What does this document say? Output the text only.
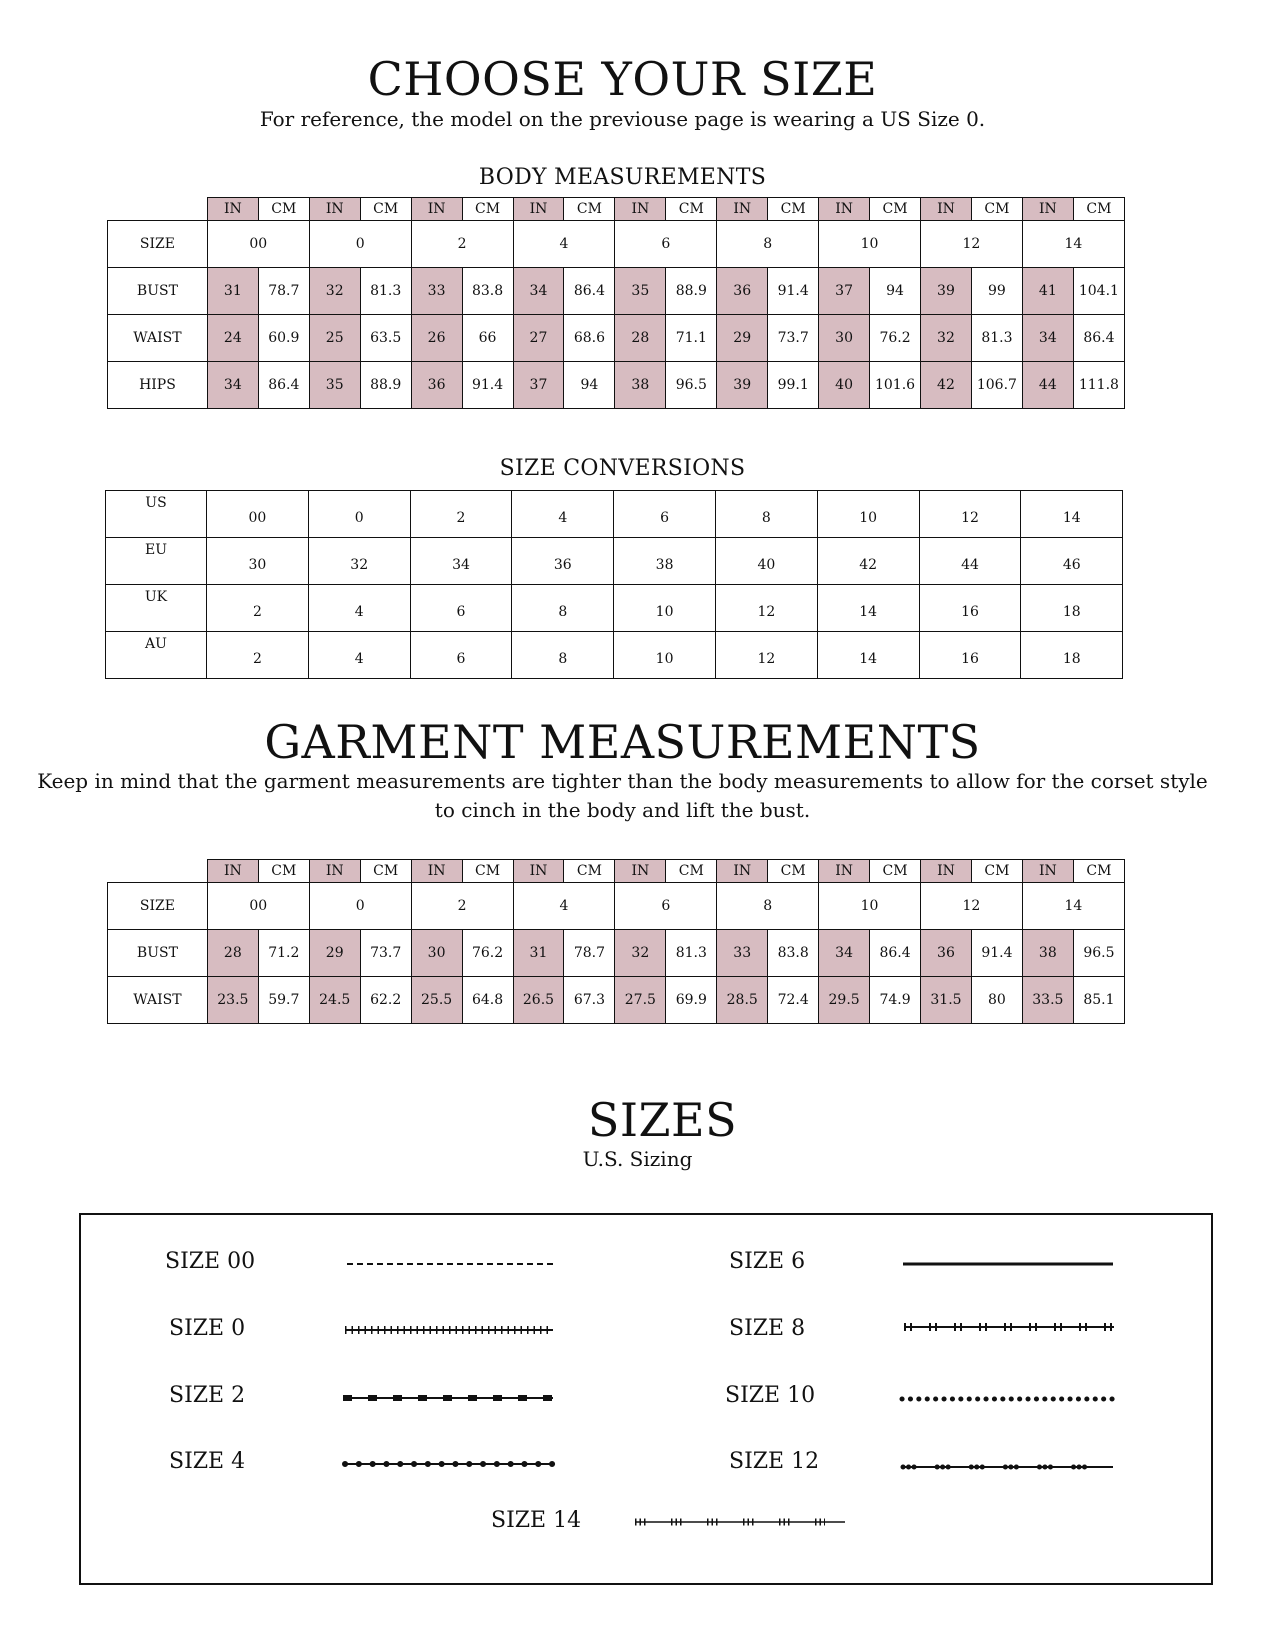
CHOOSE YOUR SIZE
For reference, the model on the previouse page is wearing a US Size 0.
BODY MEASUREMENTS
	IN	CM	IN	CM	IN	CM	IN	CM	IN	CM	IN	CM	IN	CM	IN	CM	IN	CM
SIZE	00		0		2		4		6		8		10		12		14	
BUST	31	78.7	32	81.3	33	83.8	34	86.4	35	88.9	36	91.4	37	94	39	99	41	104.1
WAIST	24	60.9	25	63.5	26	66	27	68.6	28	71.1	29	73.7	30	76.2	32	81.3	34	86.4
HIPS	34	86.4	35	88.9	36	91.4	37	94	38	96.5	39	99.1	40	101.6	42	106.7	44	111.8
SIZE CONVERSIONS
US	00	0	2	4	6	8	10	12	14
EU	30	32	34	36	38	40	42	44	46
UK	2	4	6	8	10	12	14	16	18
AU	2	4	6	8	10	12	14	16	18
GARMENT MEASUREMENTS
Keep in mind that the garment measurements are tighter than the body measurements to allow for the corset style
to cinch in the body and lift the bust.
	IN	CM	IN	CM	IN	CM	IN	CM	IN	CM	IN	CM	IN	CM	IN	CM	IN	CM
SIZE	00		0		2		4		6		8		10		12		14	
BUST	28	71.2	29	73.7	30	76.2	31	78.7	32	81.3	33	83.8	34	86.4	36	91.4	38	96.5
WAIST	23.5	59.7	24.5	62.2	25.5	64.8	26.5	67.3	27.5	69.9	28.5	72.4	29.5	74.9	31.5	80	33.5	85.1
SIZES
U.S. Sizing
SIZE 00
SIZE 0
SIZE 2
SIZE 4
SIZE 6
SIZE 8
SIZE 10
SIZE 12
SIZE 14
